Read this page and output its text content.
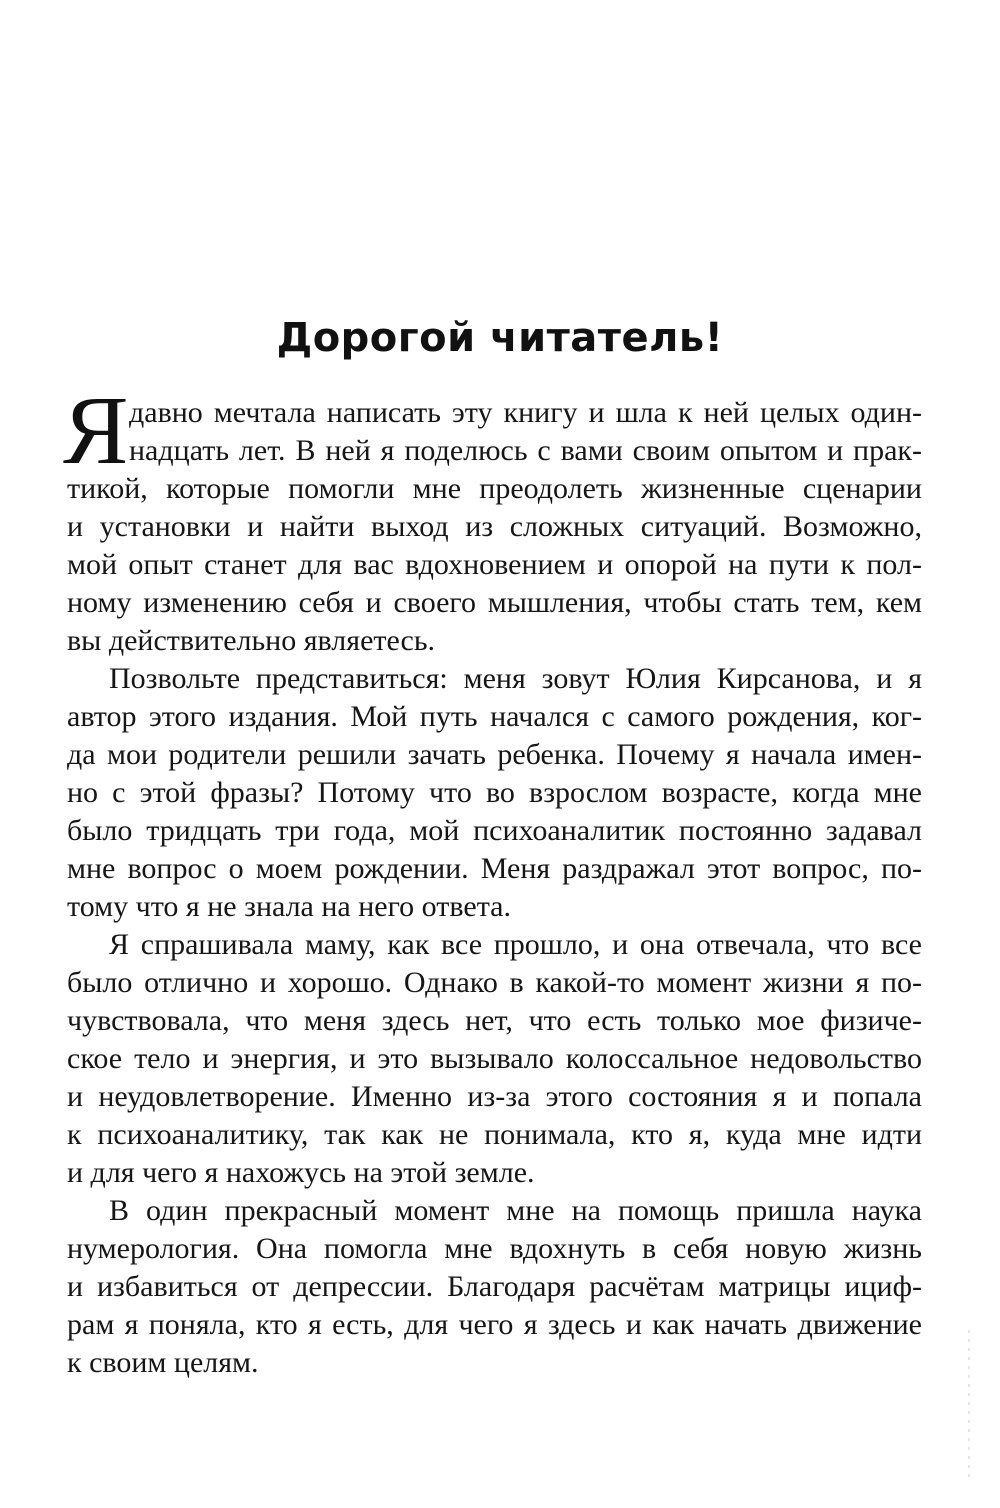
Дорогой читатель!
Я давно мечтала написать эту книгу и шла к ней целых один-
надцать лет. В ней я поделюсь с вами своим опытом и прак-
тикой, которые помогли мне преодолеть жизненные сценарии
и установки и найти выход из сложных ситуаций. Возможно,
мой опыт станет для вас вдохновением и опорой на пути к пол-
ному изменению себя и своего мышления, чтобы стать тем, кем
вы действительно являетесь.
Позвольте представиться: меня зовут Юлия Кирсанова, и я
автор этого издания. Мой путь начался с самого рождения, ког-
да мои родители решили зачать ребенка. Почему я начала имен-
но с этой фразы? Потому что во взрослом возрасте, когда мне
было тридцать три года, мой психоаналитик постоянно задавал
мне вопрос о моем рождении. Меня раздражал этот вопрос, по-
тому что я не знала на него ответа.
Я спрашивала маму, как все прошло, и она отвечала, что все
было отлично и хорошо. Однако в какой-то момент жизни я по-
чувствовала, что меня здесь нет, что есть только мое физиче-
ское тело и энергия, и это вызывало колоссальное недовольство
и неудовлетворение. Именно из-за этого состояния я и попала
к психоаналитику, так как не понимала, кто я, куда мне идти
и для чего я нахожусь на этой земле.
В один прекрасный момент мне на помощь пришла наука
нумерология. Она помогла мне вдохнуть в себя новую жизнь
и избавиться от депрессии. Благодаря расчётам матрицы ициф-
рам я поняла, кто я есть, для чего я здесь и как начать движение
к своим целям.
